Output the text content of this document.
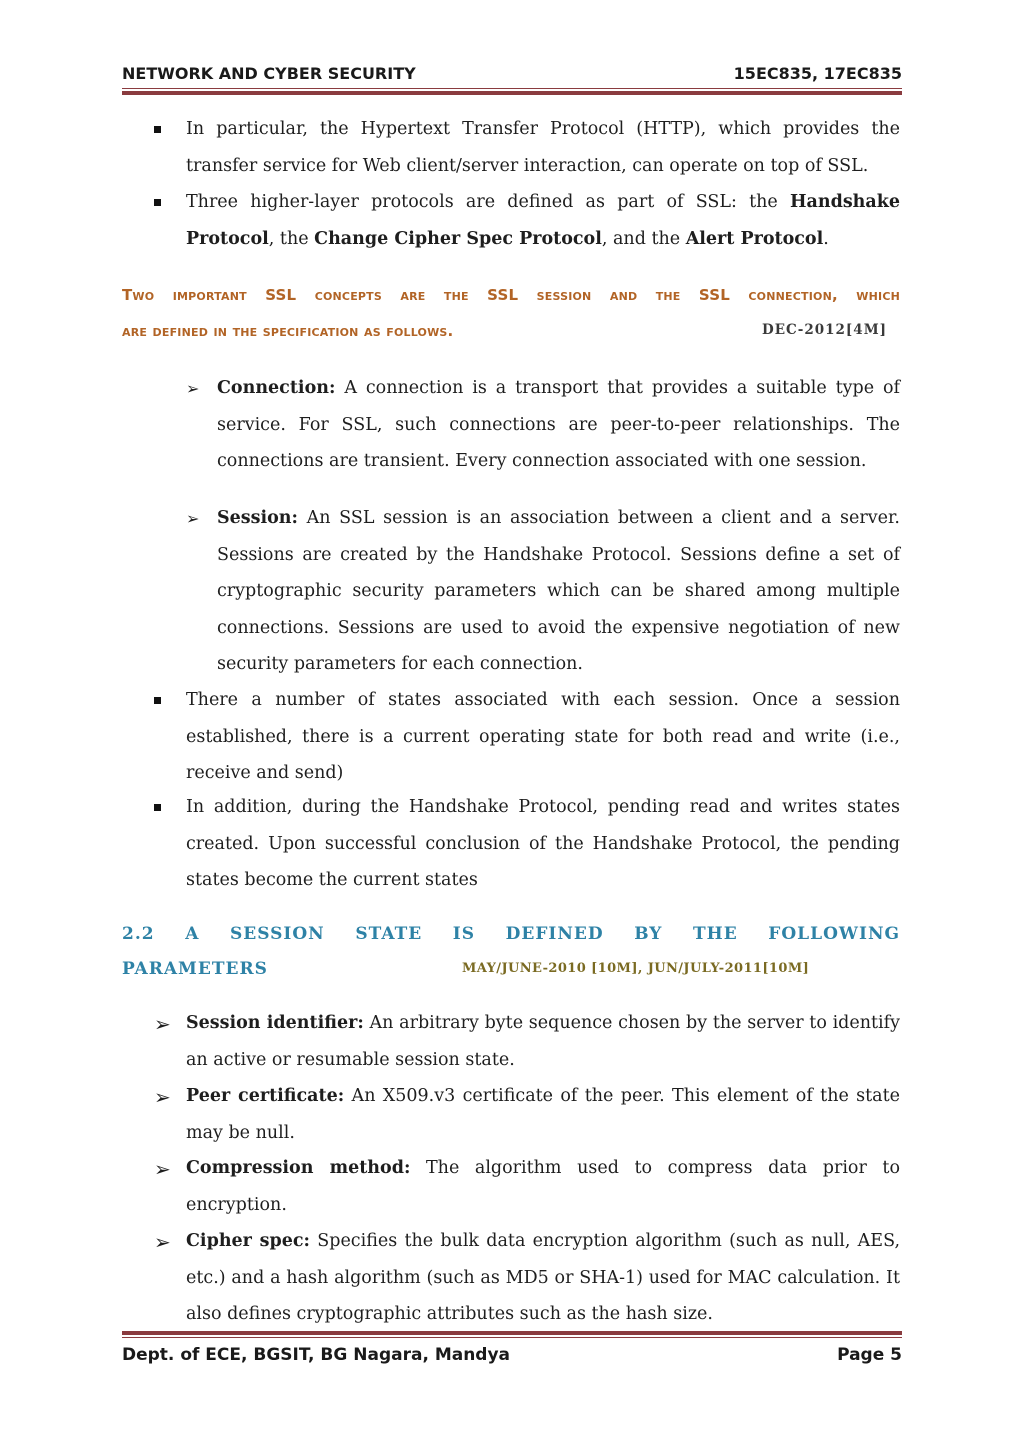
NETWORK AND CYBER SECURITY	15EC835, 17EC835
In particular, the Hypertext Transfer Protocol (HTTP), which provides the transfer service for Web client/server interaction, can operate on top of SSL.
Three higher-layer protocols are defined as part of SSL: the Handshake Protocol, the Change Cipher Spec Protocol, and the Alert Protocol.
Two important SSL concepts are the SSL session and the SSL connection, which
are defined in the specification as follows.	DEC-2012[4M]
➢ Connection: A connection is a transport that provides a suitable type of service. For SSL, such connections are peer-to-peer relationships. The connections are transient. Every connection associated with one session.
➢ Session: An SSL session is an association between a client and a server. Sessions are created by the Handshake Protocol. Sessions define a set of cryptographic security parameters which can be shared among multiple connections. Sessions are used to avoid the expensive negotiation of new security parameters for each connection.
There a number of states associated with each session. Once a session established, there is a current operating state for both read and write (i.e., receive and send)
In addition, during the Handshake Protocol, pending read and writes states created. Upon successful conclusion of the Handshake Protocol, the pending states become the current states
2.2 A SESSION STATE IS DEFINED BY THE FOLLOWING
PARAMETERS	MAY/JUNE-2010 [10M], JUN/JULY-2011[10M]
➢ Session identifier: An arbitrary byte sequence chosen by the server to identify an active or resumable session state.
➢ Peer certificate: An X509.v3 certificate of the peer. This element of the state may be null.
➢ Compression method: The algorithm used to compress data prior to encryption.
➢ Cipher spec: Specifies the bulk data encryption algorithm (such as null, AES, etc.) and a hash algorithm (such as MD5 or SHA-1) used for MAC calculation. It also defines cryptographic attributes such as the hash size.
Dept. of ECE, BGSIT, BG Nagara, Mandya	Page 5
